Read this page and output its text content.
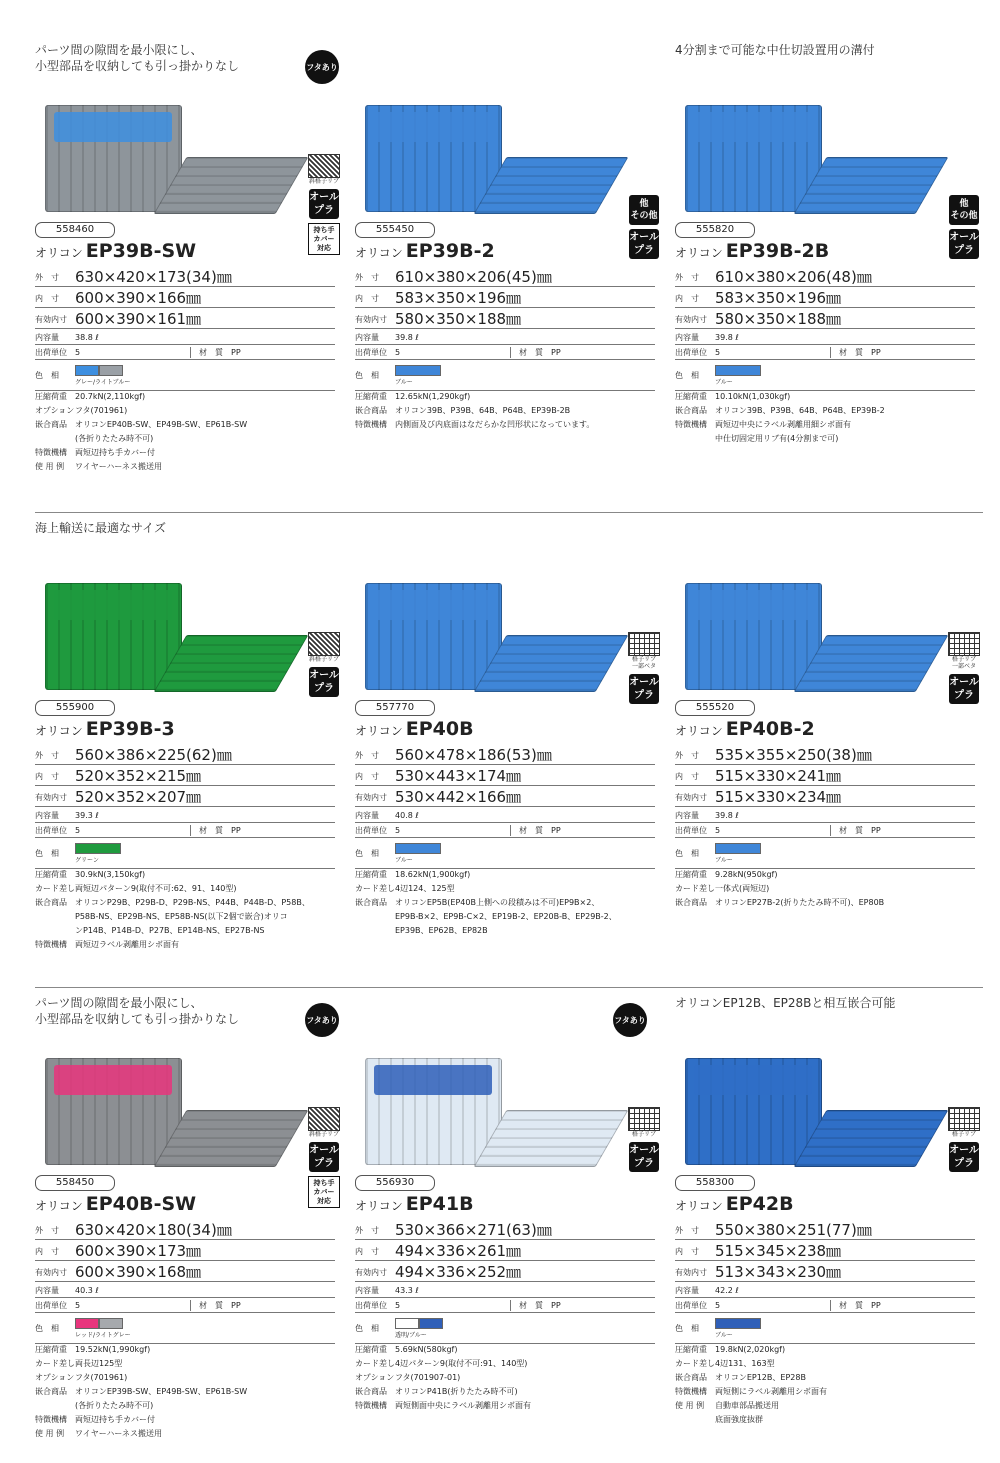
パーツ間の隙間を最小限にし、
小型部品を収納しても引っ掛かりなし	フタあり
斜格子リブ
オール
プラ
持ち手
カバー
対応
558460
オリコン EP39B-SW
外　寸	630×420×173(34)㎜
内　寸	600×390×166㎜
有効内寸 600×390×161㎜
内容量	38.8 ℓ
出荷単位	5	材　質	PP
色　相
グレー/ライトブルー
圧縮荷重	20.7kN(2,110kgf)
オプション フタ(701961)
嵌合商品	オリコンEP40B-SW、EP49B-SW、EP61B-SW
(各折りたたみ時不可)
特徴機構	両短辺持ち手カバー付
使 用 例	ワイヤーハーネス搬送用
他
その他
オール
プラ
555450
オリコン EP39B-2
外　寸	610×380×206(45)㎜
内　寸	583×350×196㎜
有効内寸 580×350×188㎜
内容量	39.8 ℓ
出荷単位	5	材　質	PP
色　相
ブルー
圧縮荷重	12.65kN(1,290kgf)
嵌合商品	オリコン39B、P39B、64B、P64B、EP39B-2B
特徴機構	内側面及び内底面はなだらかな凹形状になっています。
4分割まで可能な中仕切設置用の溝付
他
その他
オール
プラ
555820
オリコン EP39B-2B
外　寸	610×380×206(48)㎜
内　寸	583×350×196㎜
有効内寸 580×350×188㎜
内容量	39.8 ℓ
出荷単位	5	材　質	PP
色　相
ブルー
圧縮荷重	10.10kN(1,030kgf)
嵌合商品	オリコン39B、P39B、64B、P64B、EP39B-2
特徴機構	両短辺中央にラベル剥離用細シボ面有
中仕切固定用リブ有(4分割まで可)
海上輸送に最適なサイズ
斜格子リブ
オール
プラ
555900
オリコン EP39B-3
外　寸	560×386×225(62)㎜
内　寸	520×352×215㎜
有効内寸 520×352×207㎜
内容量	39.3 ℓ
出荷単位	5	材　質	PP
色　相
グリーン
圧縮荷重	30.9kN(3,150kgf)
カード差し 両短辺パターン9(取付不可:62、91、140型)
嵌合商品	オリコンP29B、P29B-D、P29B-NS、P44B、P44B-D、P58B、
P58B-NS、EP29B-NS、EP58B-NS(以下2個で嵌合)オリコ
ンP14B、P14B-D、P27B、EP14B-NS、EP27B-NS
特徴機構	両短辺ラベル剥離用シボ面有
格子リブ
一部ベタ
オール
プラ
557770
オリコン EP40B
外　寸	560×478×186(53)㎜
内　寸	530×443×174㎜
有効内寸 530×442×166㎜
内容量	40.8 ℓ
出荷単位	5	材　質	PP
色　相
ブルー
圧縮荷重	18.62kN(1,900kgf)
カード差し 4辺124、125型
嵌合商品	オリコンEP5B(EP40B上側への段積みは不可)EP9B×2、
EP9B-B×2、EP9B-C×2、EP19B-2、EP20B-B、EP29B-2、
EP39B、EP62B、EP82B
格子リブ
一部ベタ
オール
プラ
555520
オリコン EP40B-2
外　寸	535×355×250(38)㎜
内　寸	515×330×241㎜
有効内寸 515×330×234㎜
内容量	39.8 ℓ
出荷単位	5	材　質	PP
色　相
ブルー
圧縮荷重	9.28kN(950kgf)
カード差し 一体式(両短辺)
嵌合商品	オリコンEP27B-2(折りたたみ時不可)、EP80B
パーツ間の隙間を最小限にし、
小型部品を収納しても引っ掛かりなし	フタあり
斜格子リブ
オール
プラ
持ち手
カバー
対応
558450
オリコン EP40B-SW
外　寸	630×420×180(34)㎜
内　寸	600×390×173㎜
有効内寸 600×390×168㎜
内容量	40.3 ℓ
出荷単位	5	材　質	PP
色　相
レッド/ライトグレー
圧縮荷重	19.52kN(1,990kgf)
カード差し 両長辺125型
オプション フタ(701961)
嵌合商品	オリコンEP39B-SW、EP49B-SW、EP61B-SW
(各折りたたみ時不可)
特徴機構	両短辺持ち手カバー付
使 用 例	ワイヤーハーネス搬送用
フタあり
格子リブ
オール
プラ
556930
オリコン EP41B
外　寸	530×366×271(63)㎜
内　寸	494×336×261㎜
有効内寸 494×336×252㎜
内容量	43.3 ℓ
出荷単位	5	材　質	PP
色　相
透明/ブルー
圧縮荷重	5.69kN(580kgf)
カード差し 4辺パターン9(取付不可:91、140型)
オプション フタ(701907-01)
嵌合商品	オリコンP41B(折りたたみ時不可)
特徴機構	両短側面中央にラベル剥離用シボ面有
オリコンEP12B、EP28Bと相互嵌合可能
格子リブ
オール
プラ
558300
オリコン EP42B
外　寸	550×380×251(77)㎜
内　寸	515×345×238㎜
有効内寸 513×343×230㎜
内容量	42.2 ℓ
出荷単位	5	材　質	PP
色　相
ブルー
圧縮荷重	19.8kN(2,020kgf)
カード差し 4辺131、163型
嵌合商品	オリコンEP12B、EP28B
特徴機構	両短側にラベル剥離用シボ面有
使 用 例	自動車部品搬送用
底面強度抜群
